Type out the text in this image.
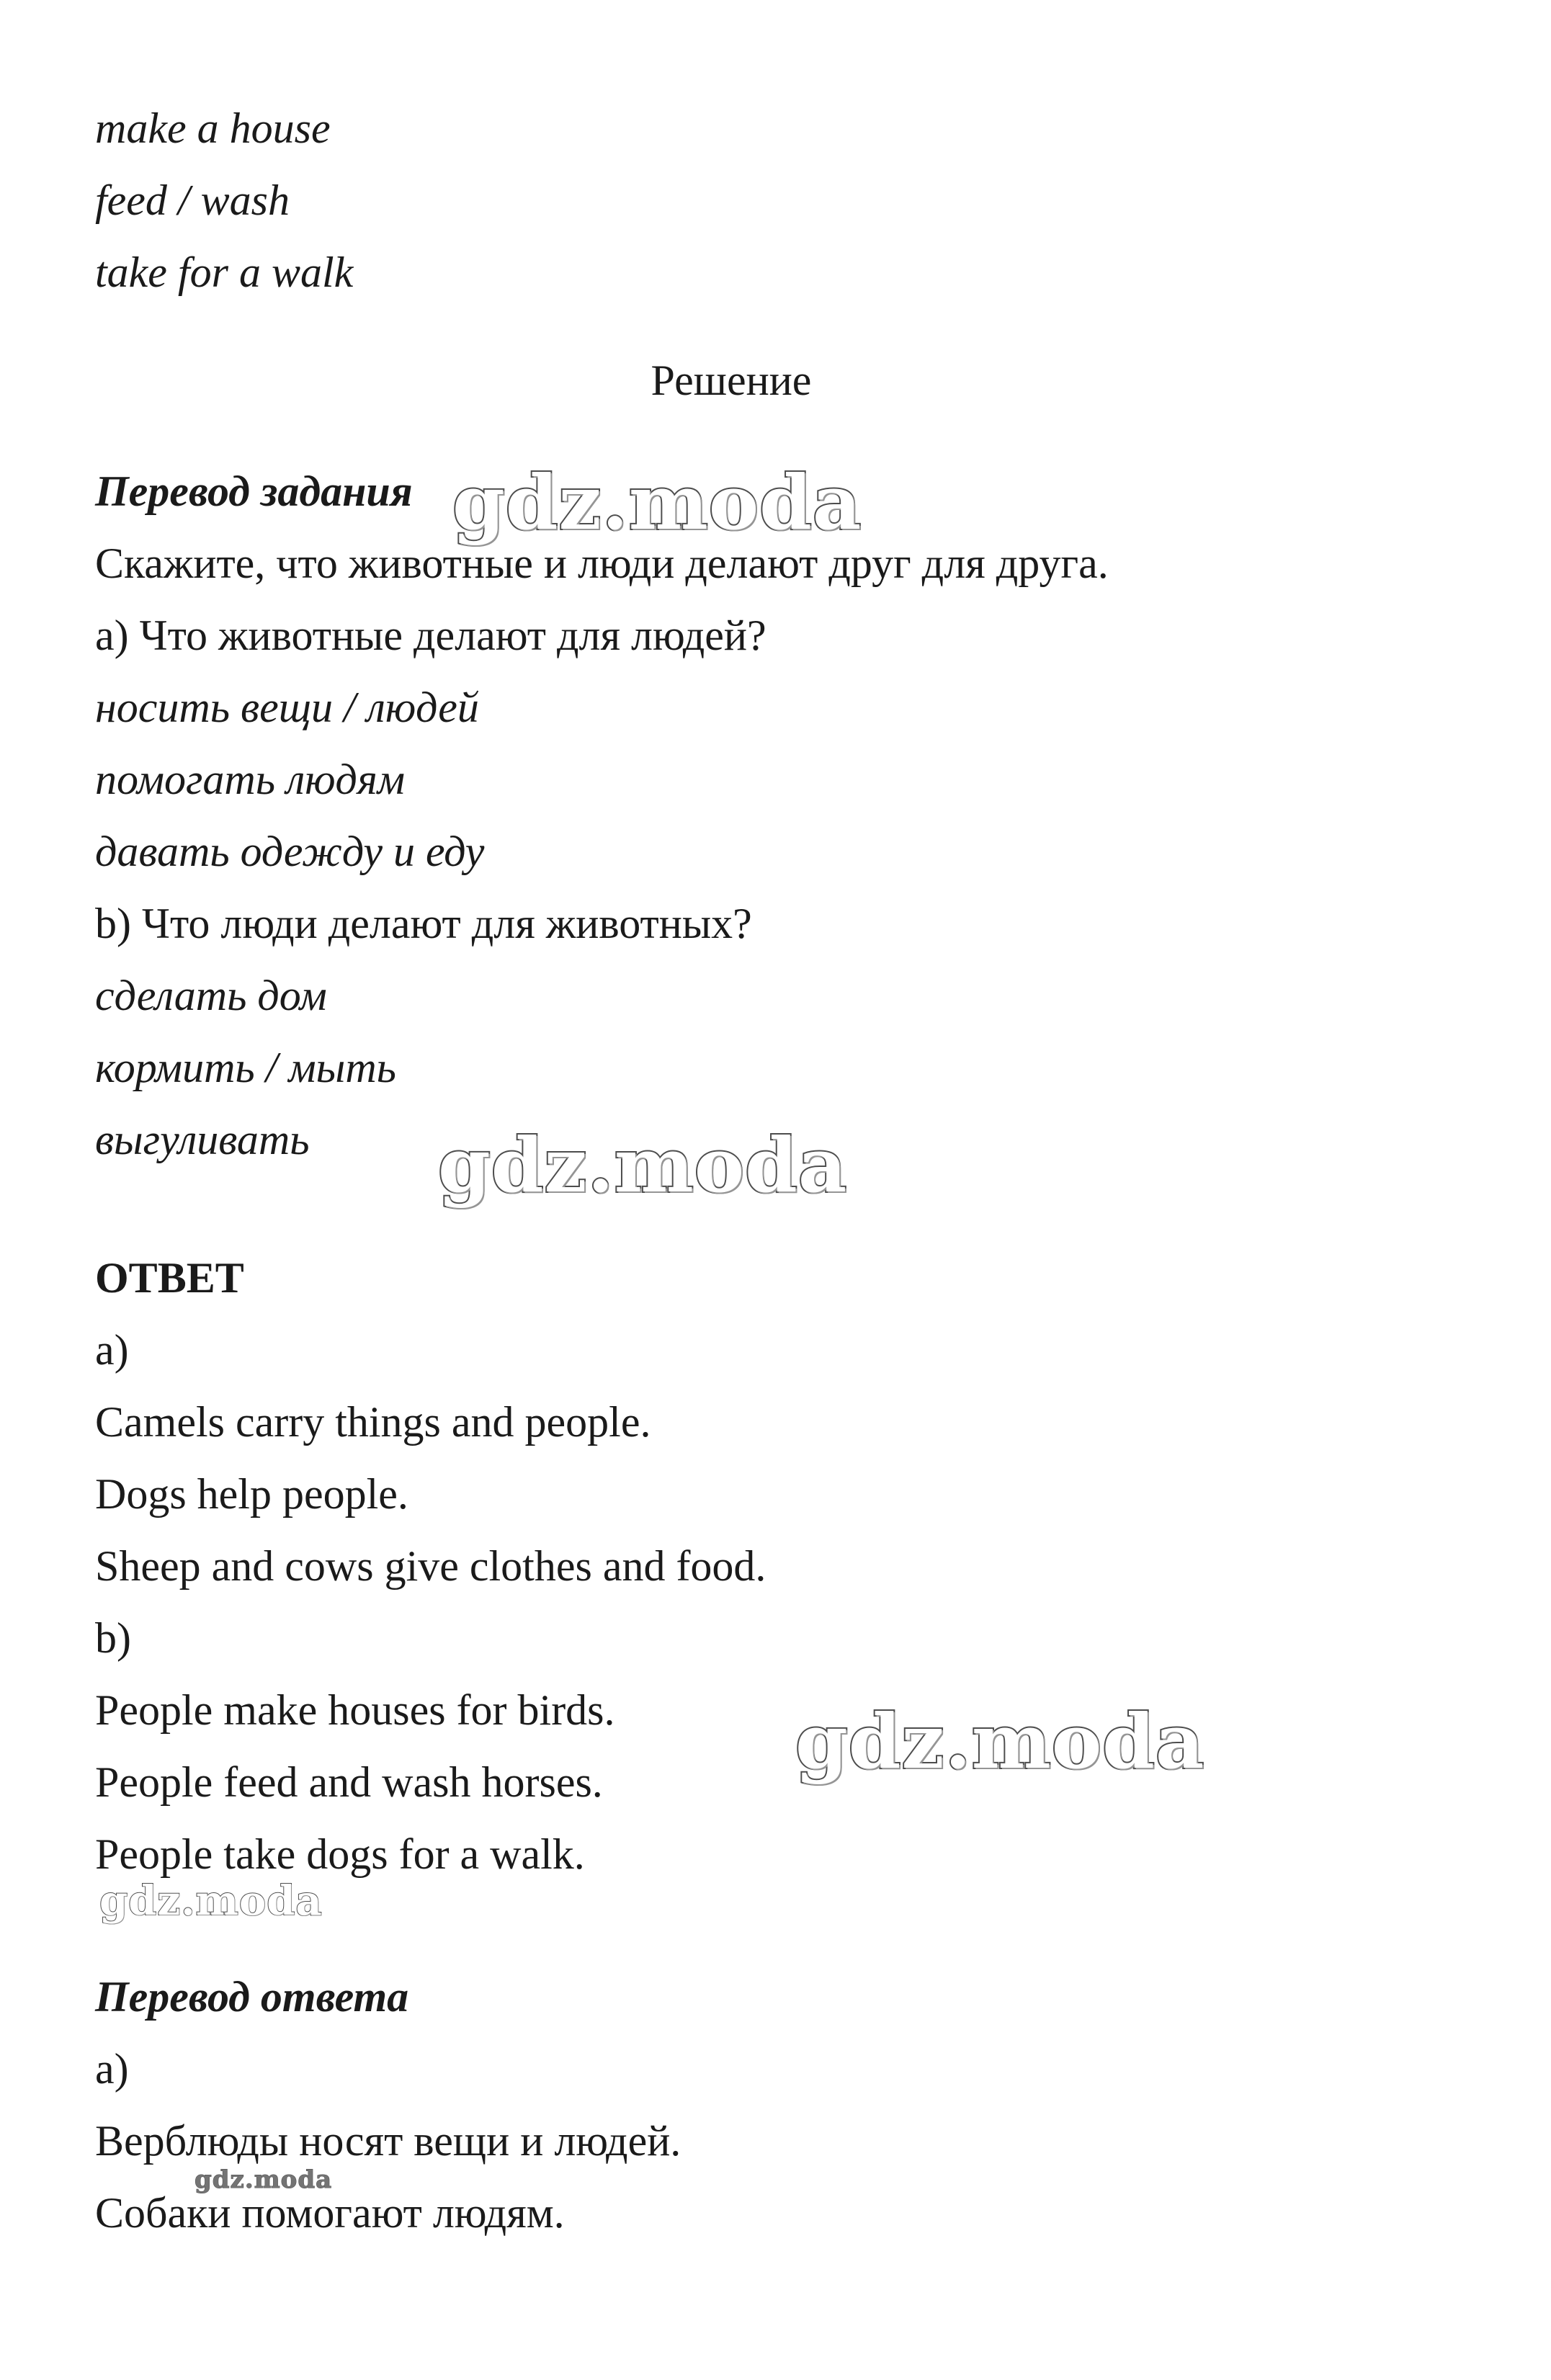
make a house
feed / wash
take for a walk
Решение
Перевод задания
Скажите, что животные и люди делают друг для друга.
a) Что животные делают для людей?
носить вещи / людей
помогать людям
давать одежду и еду
b) Что люди делают для животных?
сделать дом
кормить / мыть
выгуливать
ОТВЕТ
a)
Camels carry things and people.
Dogs help people.
Sheep and cows give clothes and food.
b)
People make houses for birds.
People feed and wash horses.
People take dogs for a walk.
Перевод ответа
a)
Верблюды носят вещи и людей.
Собаки помогают людям.
gdz.moda
gdz.moda
gdz.moda
gdz.moda
gdz.moda
